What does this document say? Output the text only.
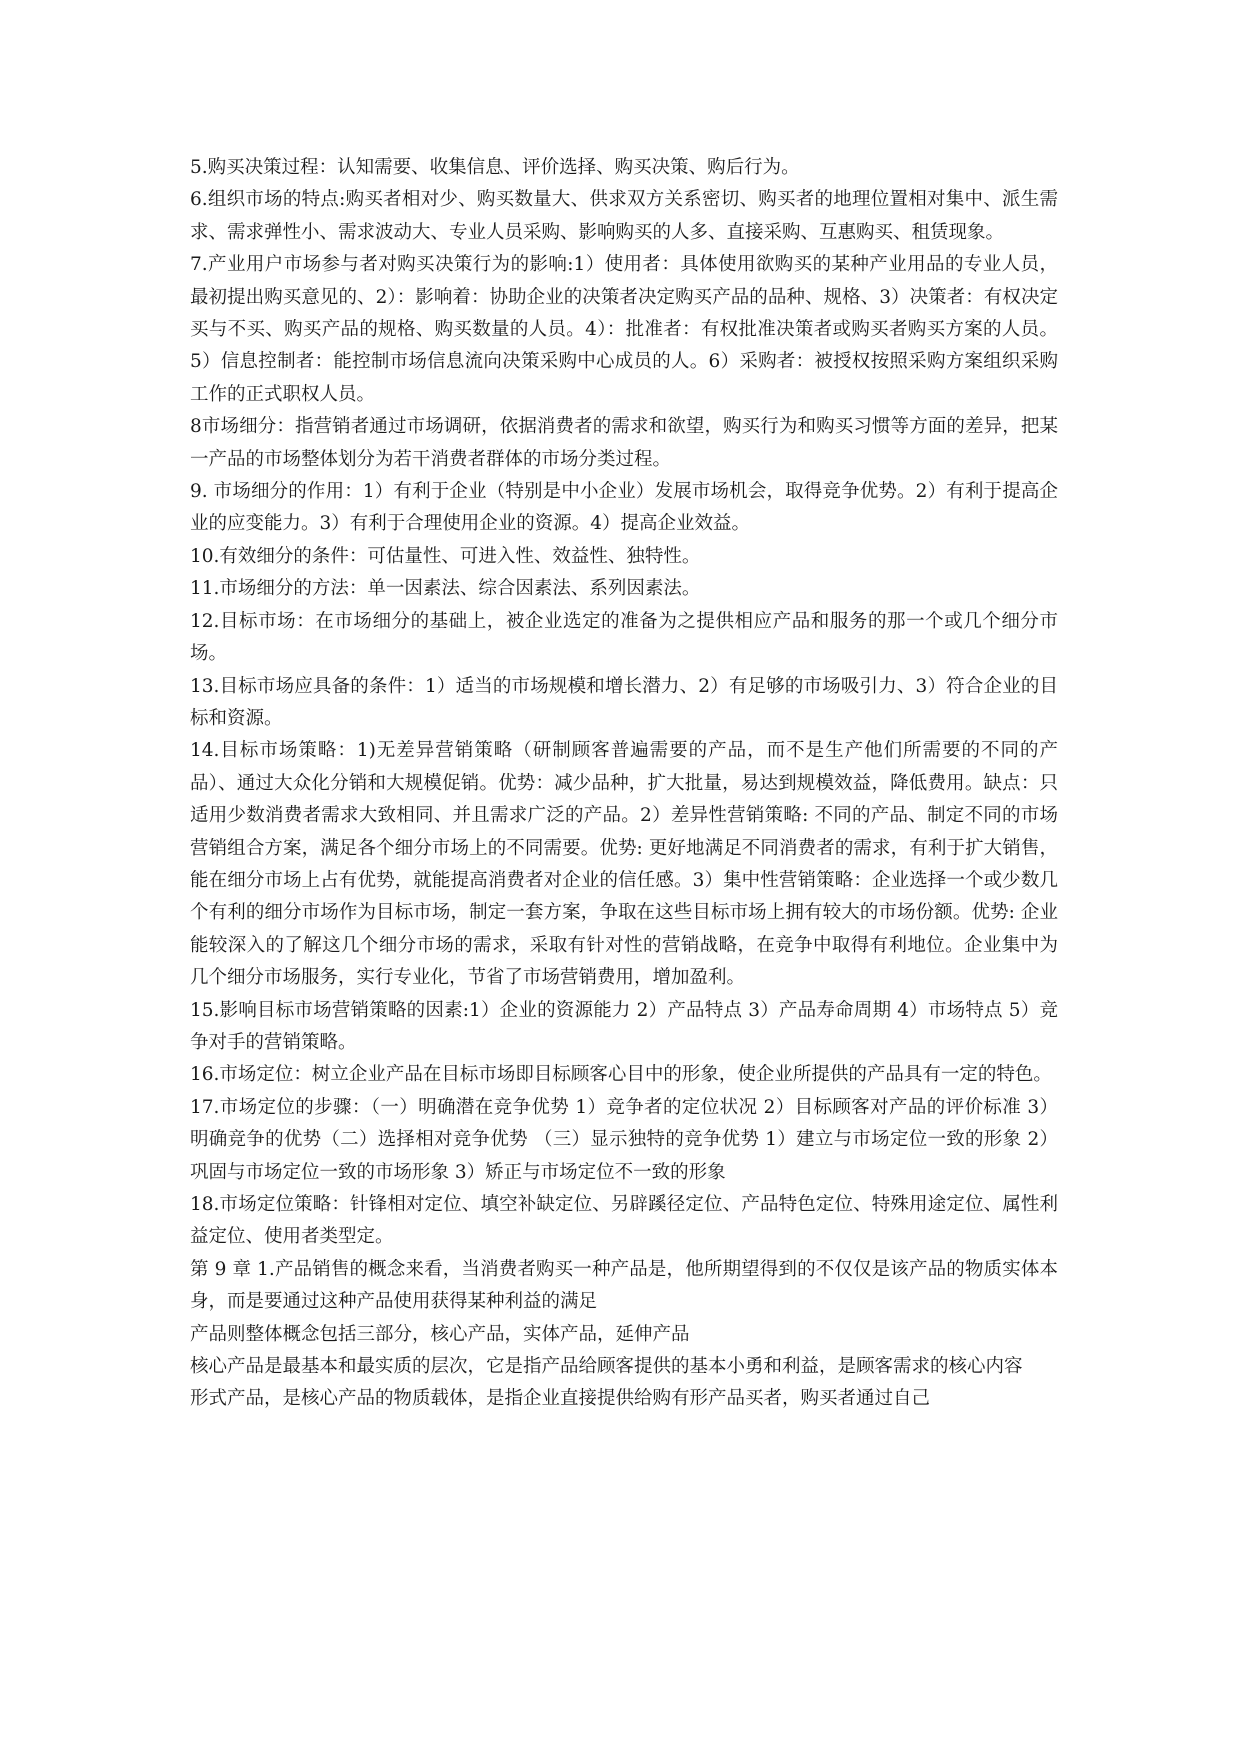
5.购买决策过程：认知需要、收集信息、评价选择、购买决策、购后行为。

6.组织市场的特点:购买者相对少、购买数量大、供求双方关系密切、购买者的地理位置相对集中、派生需求、需求弹性小、需求波动大、专业人员采购、影响购买的人多、直接采购、互惠购买、租赁现象。

7.产业用户市场参与者对购买决策行为的影响:1）使用者：具体使用欲购买的某种产业用品的专业人员，最初提出购买意见的、2）：影响着：协助企业的决策者决定购买产品的品种、规格、3）决策者：有权决定买与不买、购买产品的规格、购买数量的人员。4）：批准者：有权批准决策者或购买者购买方案的人员。5）信息控制者：能控制市场信息流向决策采购中心成员的人。6）采购者：被授权按照采购方案组织采购工作的正式职权人员。

8市场细分：指营销者通过市场调研，依据消费者的需求和欲望，购买行为和购买习惯等方面的差异，把某一产品的市场整体划分为若干消费者群体的市场分类过程。

9. 市场细分的作用：1）有利于企业（特别是中小企业）发展市场机会，取得竞争优势。2）有利于提高企业的应变能力。3）有利于合理使用企业的资源。4）提高企业效益。

10.有效细分的条件：可估量性、可进入性、效益性、独特性。

11.市场细分的方法：单一因素法、综合因素法、系列因素法。

12.目标市场：在市场细分的基础上，被企业选定的准备为之提供相应产品和服务的那一个或几个细分市场。

13.目标市场应具备的条件：1）适当的市场规模和增长潜力、2）有足够的市场吸引力、3）符合企业的目标和资源。

14.目标市场策略：1)无差异营销策略（研制顾客普遍需要的产品，而不是生产他们所需要的不同的产品）、通过大众化分销和大规模促销。优势：减少品种，扩大批量，易达到规模效益，降低费用。缺点：只适用少数消费者需求大致相同、并且需求广泛的产品。2）差异性营销策略: 不同的产品、制定不同的市场营销组合方案，满足各个细分市场上的不同需要。优势: 更好地满足不同消费者的需求，有利于扩大销售，能在细分市场上占有优势，就能提高消费者对企业的信任感。3）集中性营销策略：企业选择一个或少数几个有利的细分市场作为目标市场，制定一套方案，争取在这些目标市场上拥有较大的市场份额。优势: 企业能较深入的了解这几个细分市场的需求，采取有针对性的营销战略，在竞争中取得有利地位。企业集中为几个细分市场服务，实行专业化，节省了市场营销费用，增加盈利。

15.影响目标市场营销策略的因素:1）企业的资源能力 2）产品特点 3）产品寿命周期 4）市场特点 5）竞争对手的营销策略。

16.市场定位：树立企业产品在目标市场即目标顾客心目中的形象，使企业所提供的产品具有一定的特色。

17.市场定位的步骤：（一）明确潜在竞争优势 1）竞争者的定位状况 2）目标顾客对产品的评价标准 3）明确竞争的优势（二）选择相对竞争优势 （三）显示独特的竞争优势 1）建立与市场定位一致的形象 2）巩固与市场定位一致的市场形象 3）矫正与市场定位不一致的形象

18.市场定位策略：针锋相对定位、填空补缺定位、另辟蹊径定位、产品特色定位、特殊用途定位、属性利益定位、使用者类型定。

第 9 章 1.产品销售的概念来看，当消费者购买一种产品是，他所期望得到的不仅仅是该产品的物质实体本身，而是要通过这种产品使用获得某种利益的满足

产品则整体概念包括三部分，核心产品，实体产品，延伸产品

核心产品是最基本和最实质的层次，它是指产品给顾客提供的基本小勇和利益，是顾客需求的核心内容

形式产品，是核心产品的物质载体，是指企业直接提供给购有形产品买者，购买者通过自己
